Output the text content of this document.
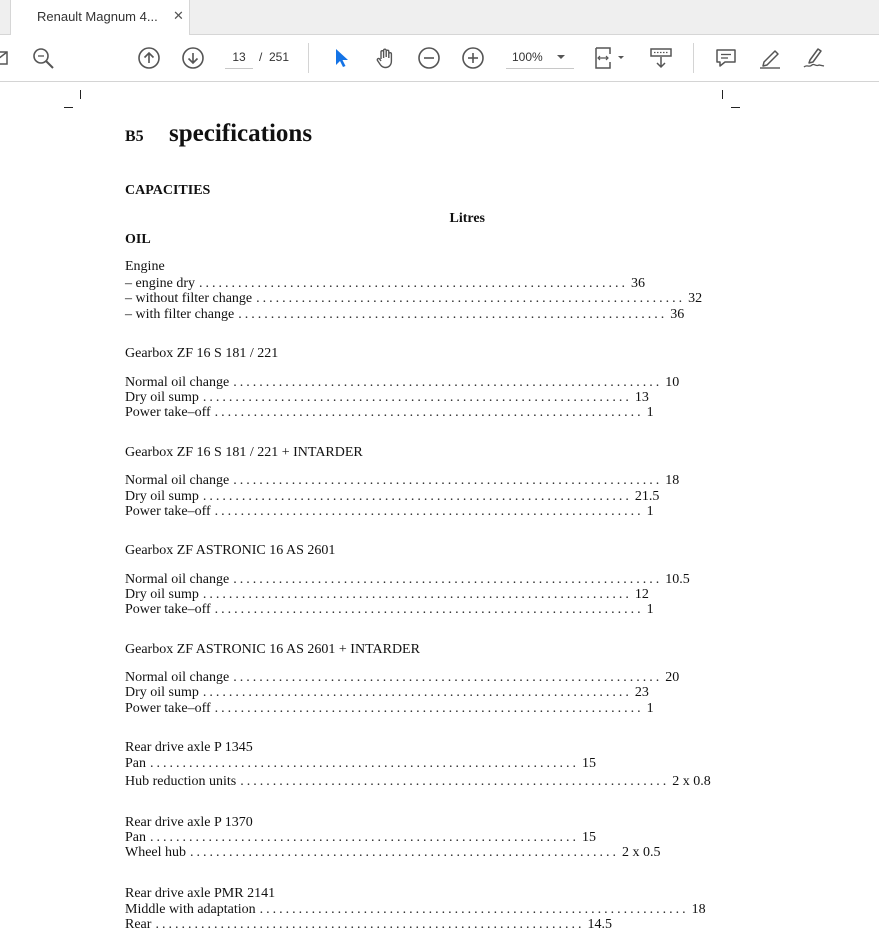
Renault Magnum 4... ✕
13
/ 251	100%
B5 specifications
CAPACITIES
Litres
OIL
Engine
– engine dry .................................................................. 36
– without filter change .................................................................. 32
– with filter change .................................................................. 36
Gearbox ZF 16 S 181 / 221
Normal oil change .................................................................. 10
Dry oil sump .................................................................. 13
Power take–off .................................................................. 1
Gearbox ZF 16 S 181 / 221 + INTARDER
Normal oil change .................................................................. 18
Dry oil sump .................................................................. 21.5
Power take–off .................................................................. 1
Gearbox ZF ASTRONIC 16 AS 2601
Normal oil change .................................................................. 10.5
Dry oil sump .................................................................. 12
Power take–off .................................................................. 1
Gearbox ZF ASTRONIC 16 AS 2601 + INTARDER
Normal oil change .................................................................. 20
Dry oil sump .................................................................. 23
Power take–off .................................................................. 1
Rear drive axle P 1345
Pan .................................................................. 15
Hub reduction units .................................................................. 2 x 0.8
Rear drive axle P 1370
Pan .................................................................. 15
Wheel hub .................................................................. 2 x 0.5
Rear drive axle PMR 2141
Middle with adaptation .................................................................. 18
Rear .................................................................. 14.5
